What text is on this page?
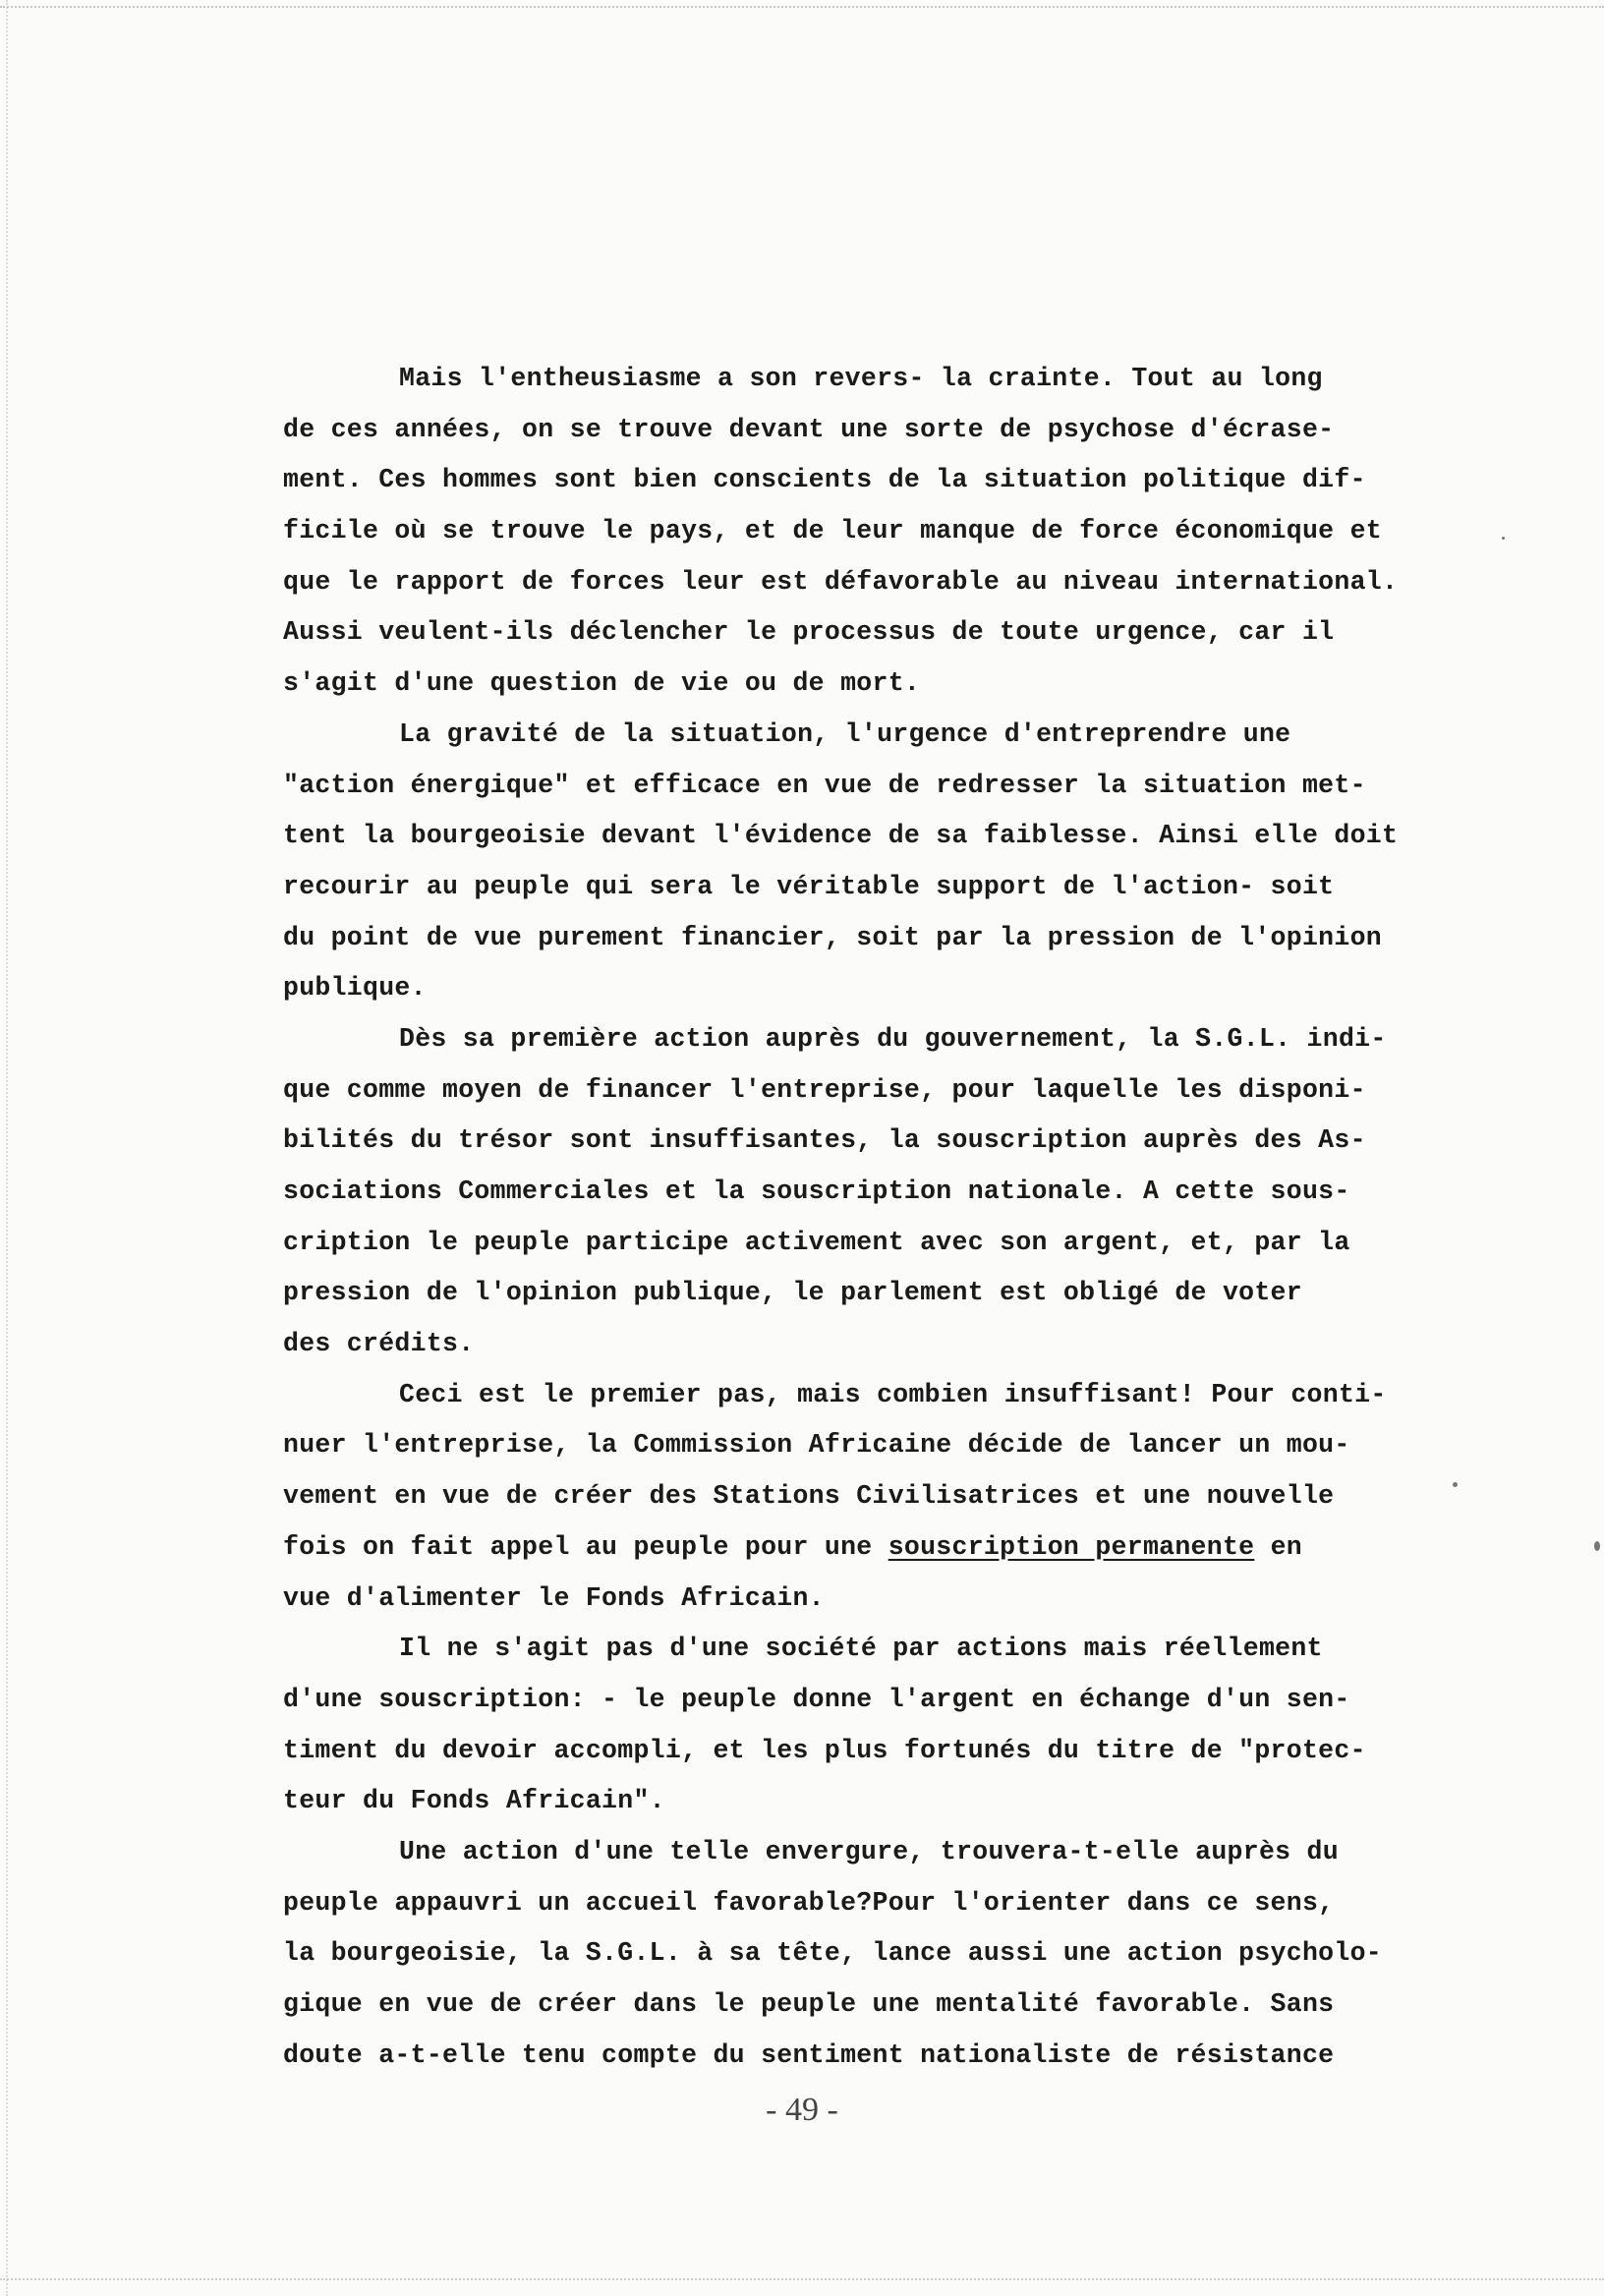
Mais l'entheusiasme a son revers- la crainte. Tout au long
de ces années, on se trouve devant une sorte de psychose d'écrase-
ment. Ces hommes sont bien conscients de la situation politique dif-
ficile où se trouve le pays, et de leur manque de force économique et
que le rapport de forces leur est défavorable au niveau international.
Aussi veulent-ils déclencher le processus de toute urgence, car il
s'agit d'une question de vie ou de mort.
La gravité de la situation, l'urgence d'entreprendre une
"action énergique" et efficace en vue de redresser la situation met-
tent la bourgeoisie devant l'évidence de sa faiblesse. Ainsi elle doit
recourir au peuple qui sera le véritable support de l'action- soit
du point de vue purement financier, soit par la pression de l'opinion
publique.
Dès sa première action auprès du gouvernement, la S.G.L. indi-
que comme moyen de financer l'entreprise, pour laquelle les disponi-
bilités du trésor sont insuffisantes, la souscription auprès des As-
sociations Commerciales et la souscription nationale. A cette sous-
cription le peuple participe activement avec son argent, et, par la
pression de l'opinion publique, le parlement est obligé de voter
des crédits.
Ceci est le premier pas, mais combien insuffisant! Pour conti-
nuer l'entreprise, la Commission Africaine décide de lancer un mou-
vement en vue de créer des Stations Civilisatrices et une nouvelle
fois on fait appel au peuple pour une souscription permanente en
vue d'alimenter le Fonds Africain.
Il ne s'agit pas d'une société par actions mais réellement
d'une souscription: - le peuple donne l'argent en échange d'un sen-
timent du devoir accompli, et les plus fortunés du titre de "protec-
teur du Fonds Africain".
Une action d'une telle envergure, trouvera-t-elle auprès du
peuple appauvri un accueil favorable?Pour l'orienter dans ce sens,
la bourgeoisie, la S.G.L. à sa tête, lance aussi une action psycholo-
gique en vue de créer dans le peuple une mentalité favorable. Sans
doute a-t-elle tenu compte du sentiment nationaliste de résistance
- 49 -
